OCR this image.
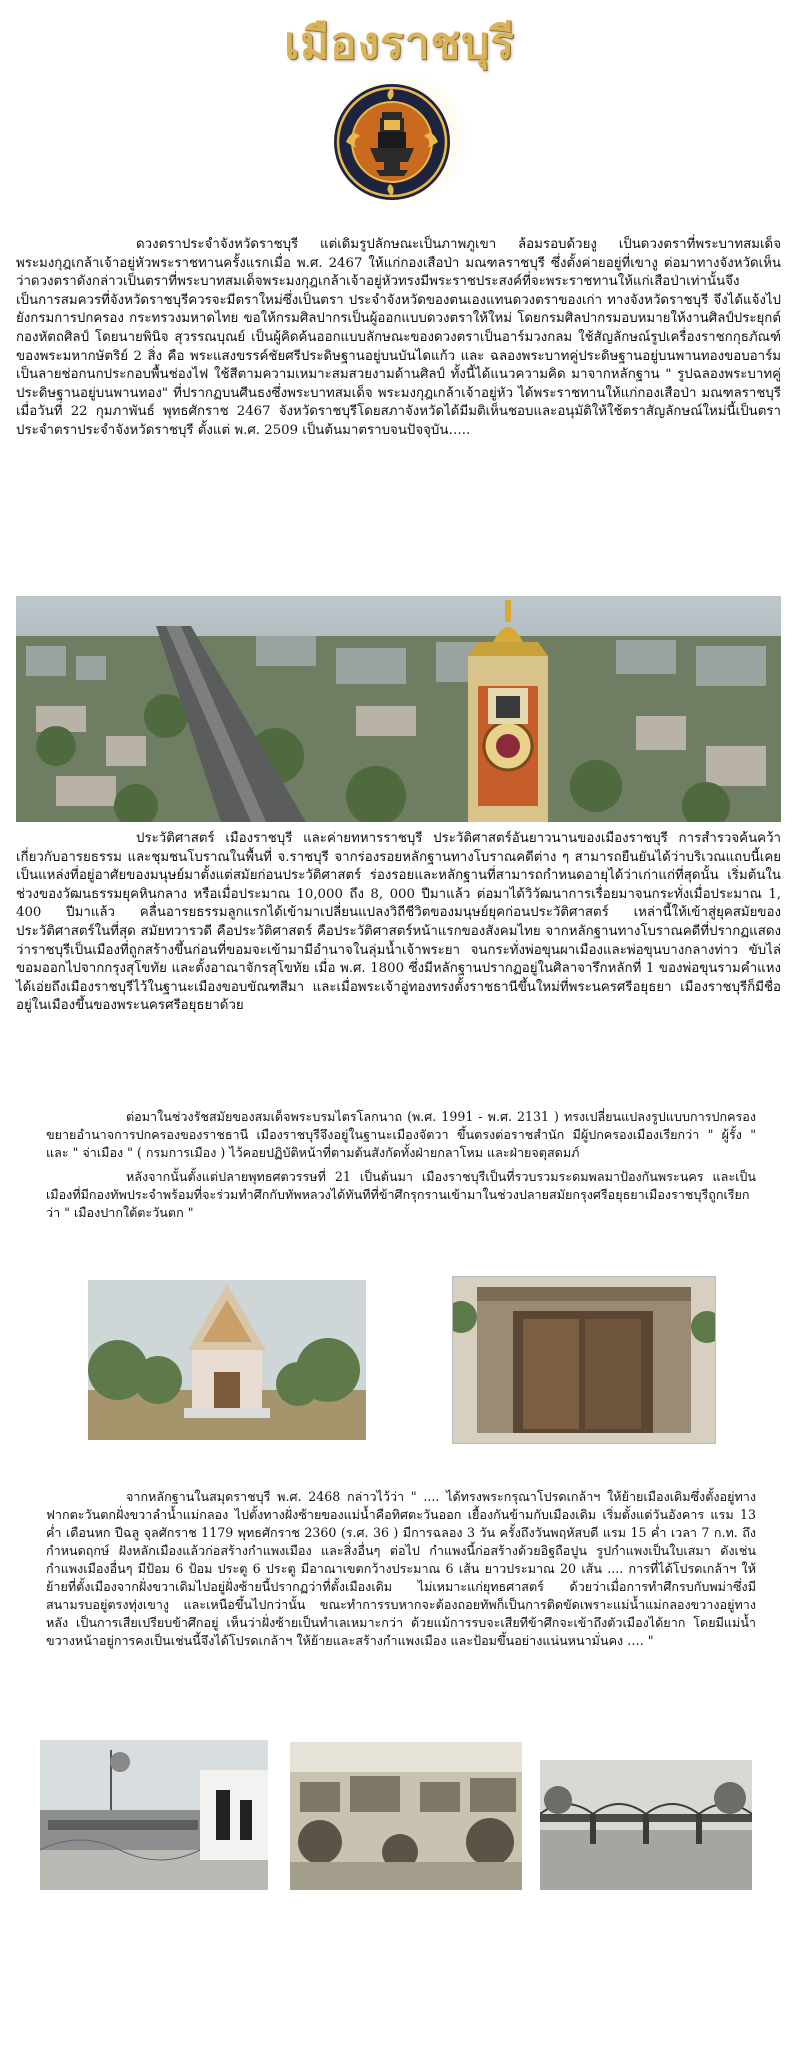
เมืองราชบุรี
ดวงตราประจำจังหวัดราชบุรี แต่เดิมรูปลักษณะเป็นภาพภูเขา ล้อมรอบด้วยงู เป็นดวงตราที่พระบาทสมเด็จพระมงกุฎเกล้าเจ้าอยู่หัวพระราชทานครั้งแรกเมื่อ พ.ศ. 2467 ให้แก่กองเสือป่า มณฑลราชบุรี ซึ่งตั้งค่ายอยู่ที่เขางู ต่อมาทางจังหวัดเห็นว่าดวงตราดังกล่าวเป็นตราที่พระบาทสมเด็จพระมงกุฎเกล้าเจ้าอยู่หัวทรงมีพระราชประสงค์ที่จะพระราชทานให้แก่เสือป่าเท่านั้นจึงเป็นการสมควรที่จังหวัดราชบุรีควรจะมีตราใหม่ซึ่งเป็นตรา ประจำจังหวัดของตนเองแทนดวงตราของเก่า ทางจังหวัดราชบุรี จึงได้แจ้งไปยังกรมการปกครอง กระทรวงมหาดไทย ขอให้กรมศิลปากรเป็นผู้ออกแบบดวงตราให้ใหม่ โดยกรมศิลปากรมอบหมายให้งานศิลป์ประยุกต์ กองหัตถศิลป์ โดยนายพินิจ สุวรรณบุณย์ เป็นผู้คิดค้นออกแบบลักษณะของดวงตราเป็นอาร์มวงกลม ใช้สัญลักษณ์รูปเครื่องราชกกุธภัณฑ์ของพระมหากษัตริย์ 2 สิ่ง คือ พระแสงขรรค์ชัยศรีประดิษฐานอยู่บนบันไดแก้ว และ ฉลองพระบาทคู่ประดิษฐานอยู่บนพานทองขอบอาร์มเป็นลายช่อกนกประกอบพื้นช่องไฟ ใช้สีตามความเหมาะสมสวยงามด้านศิลป์ ทั้งนี้ได้แนวความคิด มาจากหลักฐาน " รูปฉลองพระบาทคู่ประดิษฐานอยู่บนพานทอง" ที่ปรากฏบนศีนธงซึ่งพระบาทสมเด็จ พระมงกุฎเกล้าเจ้าอยู่หัว ได้พระราชทานให้แก่กองเสือป่า มณฑลราชบุรี เมื่อวันที่ 22 กุมภาพันธ์ พุทธศักราช 2467 จังหวัดราชบุรีโดยสภาจังหวัดได้มีมติเห็นชอบและอนุมัติให้ใช้ตราสัญลักษณ์ใหม่นี้เป็นตราประจำตราประจำจังหวัดราชบุรี ตั้งแต่ พ.ศ. 2509 เป็นต้นมาตราบจนปัจจุบัน…..
ประวัติศาสตร์ เมืองราชบุรี และค่ายทหารราชบุรี ประวัติศาสตร์อันยาวนานของเมืองราชบุรี การสำรวจค้นคว้าเกี่ยวกับอารยธรรม และชุมชนโบราณในพื้นที่ จ.ราชบุรี จากร่องรอยหลักฐานทางโบราณคดีต่าง ๆ สามารถยืนยันได้ว่าบริเวณแถบนี้เคยเป็นแหล่งที่อยู่อาศัยของมนุษย์มาตั้งแต่สมัยก่อนประวัติศาสตร์ ร่องรอยและหลักฐานที่สามารถกำหนดอายุได้ว่าเก่าแก่ที่สุดนั้น เริ่มต้นในช่วงของวัฒนธรรมยุคหินกลาง หรือเมื่อประมาณ 10,000 ถึง 8, 000 ปีมาแล้ว ต่อมาได้วิวัฒนาการเรื่อยมาจนกระทั่งเมื่อประมาณ 1, 400 ปีมาแล้ว คลื่นอารยธรรมลูกแรกได้เข้ามาเปลี่ยนแปลงวิถีชีวิตของมนุษย์ยุคก่อนประวัติศาสตร์ เหล่านี้ให้เข้าสู่ยุคสมัยของประวัติศาสตร์ในที่สุด สมัยทวารวดี คือประวัติศาสตร์ คือประวัติศาสตร์หน้าแรกของสังคมไทย จากหลักฐานทางโบราณคดีที่ปรากฏแสดงว่าราชบุรีเป็นเมืองที่ถูกสร้างขึ้นก่อนที่ขอมจะเข้ามามีอำนาจในลุ่มน้ำเจ้าพระยา จนกระทั่งพ่อขุนผาเมืองและพ่อขุนบางกลางท่าว ขับไล่ขอมออกไปจากกรุงสุโขทัย และตั้งอาณาจักรสุโขทัย เมื่อ พ.ศ. 1800 ซึ่งมีหลักฐานปรากฏอยู่ในศิลาจารึกหลักที่ 1 ของพ่อขุนรามคำแหงได้เอ่ยถึงเมืองราชบุรีไว้ในฐานะเมืองขอบขัณฑสีมา และเมื่อพระเจ้าอู่ทองทรงตั้งราชธานีขึ้นใหม่ที่พระนครศรีอยุธยา เมืองราชบุรีก็มีชื่ออยู่ในเมืองขึ้นของพระนครศรีอยุธยาด้วย
ต่อมาในช่วงรัชสมัยของสมเด็จพระบรมไตรโลกนาถ (พ.ศ. 1991 - พ.ศ. 2131 ) ทรงเปลี่ยนแปลงรูปแบบการปกครองขยายอำนาจการปกครองของราชธานี เมืองราชบุรีจึงอยู่ในฐานะเมืองจัตวา ขึ้นตรงต่อราชสำนัก มีผู้ปกครองเมืองเรียกว่า " ผู้รั้ง " และ " จ่าเมือง " ( กรมการเมือง ) ไว้คอยปฏิบัติหน้าที่ตามต้นสังกัดทั้งฝ่ายกลาโหม และฝ่ายจตุสดมภ์
หลังจากนั้นตั้งแต่ปลายพุทธศตวรรษที่ 21 เป็นต้นมา เมืองราชบุรีเป็นที่รวบรวมระดมพลมาป้องกันพระนคร และเป็นเมืองที่มีกองทัพประจำพร้อมที่จะร่วมทำศึกกับทัพหลวงได้ทันทีที่ข้าศึกรุกรานเข้ามาในช่วงปลายสมัยกรุงศรีอยุธยาเมืองราชบุรีถูกเรียกว่า " เมืองปากใต้ตะวันตก "
จากหลักฐานในสมุดราชบุรี พ.ศ. 2468 กล่าวไว้ว่า " .... ได้ทรงพระกรุณาโปรดเกล้าฯ ให้ย้ายเมืองเดิมซึ่งตั้งอยู่ทางฟากตะวันตกฝั่งขวาลำน้ำแม่กลอง ไปตั้งทางฝั่งซ้ายของแม่น้ำคือทิศตะวันออก เยื้องกันข้ามกับเมืองเดิม เริ่มตั้งแต่วันอังคาร แรม 13 ค่ำ เดือนหก ปีฉลู จุลศักราช 1179 พุทธศักราช 2360 (ร.ศ. 36 ) มีการฉลอง 3 วัน ครั้งถึงวันพฤหัสบดี แรม 15 ค่ำ เวลา 7 ก.ท. ถึงกำหนดฤกษ์ ฝังหลักเมืองแล้วก่อสร้างกำแพงเมือง และสิ่งอื่นๆ ต่อไป กำแพงนี้ก่อสร้างด้วยอิฐถือปูน รูปกำแพงเป็นใบเสมา ดังเช่นกำแพงเมืองอื่นๆ มีป้อม 6 ป้อม ประตู 6 ประตู มีอาณาเขตกว้างประมาณ 6 เส้น ยาวประมาณ 20 เส้น .... การที่ได้โปรดเกล้าฯ ให้ย้ายที่ตั้งเมืองจากฝั่งขวาเดิมไปอยู่ฝั่งซ้ายนี้ปรากฏว่าที่ตั้งเมืองเดิม ไม่เหมาะแก่ยุทธศาสตร์ ด้วยว่าเมื่อการทำศึกรบกับพม่าซึ่งมีสนามรบอยู่ตรงทุ่งเขางู และเหนือขึ้นไปกว่านั้น ขณะทำการรบหากจะต้องถอยทัพก็เป็นการติดขัดเพราะแม่น้ำแม่กลองขวางอยู่ทางหลัง เป็นการเสียเปรียบข้าศึกอยู่ เห็นว่าฝั่งซ้ายเป็นทำเลเหมาะกว่า ด้วยแม้การรบจะเสียทีข้าศึกจะเข้าถึงตัวเมืองได้ยาก โดยมีแม่น้ำขวางหน้าอยู่การคงเป็นเช่นนี้จึงได้โปรดเกล้าฯ ให้ย้ายและสร้างกำแพงเมือง และป้อมขึ้นอย่างแน่นหนามั่นคง …. "
